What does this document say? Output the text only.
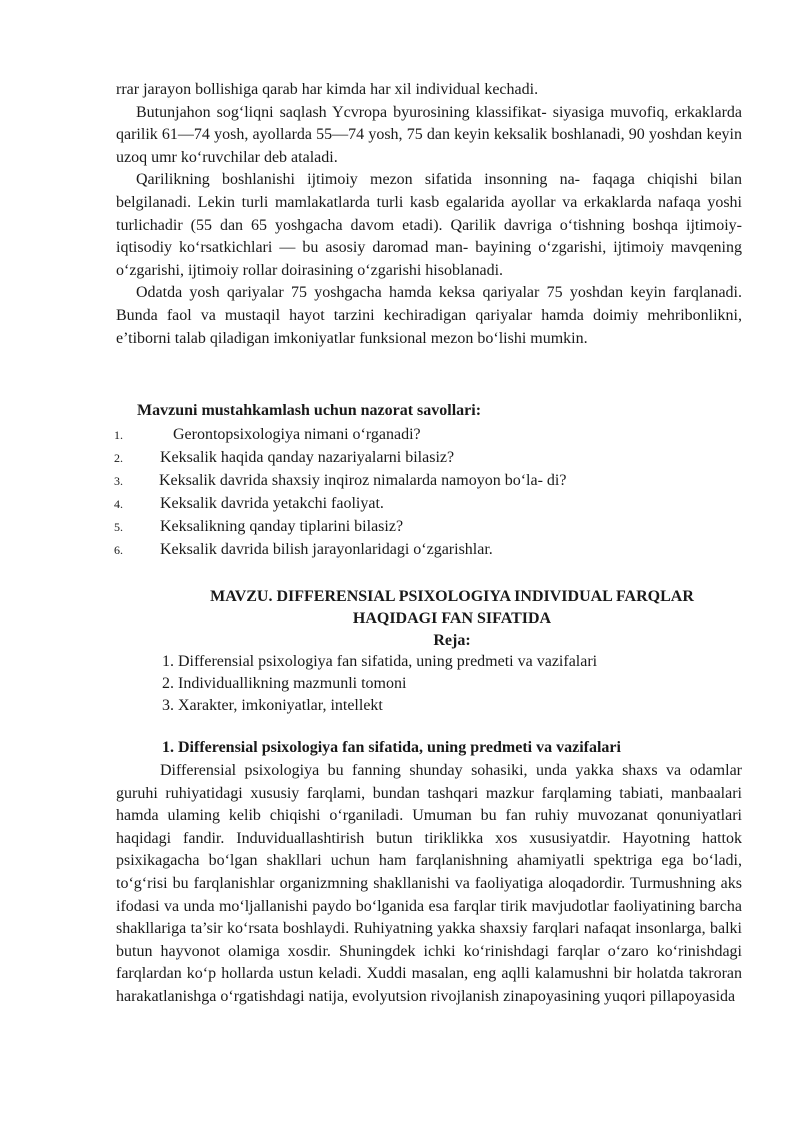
rrar jarayon bollishiga qarab har kimda har xil individual kechadi.

Butunjahon sog‘liqni saqlash Ycvropa byurosining klassifikat- siyasiga muvofiq, erkaklarda qarilik 61—74 yosh, ayollarda 55—74 yosh, 75 dan keyin keksalik boshlanadi, 90 yoshdan keyin uzoq umr ko‘ruvchilar deb ataladi.

Qarilikning boshlanishi ijtimoiy mezon sifatida insonning na- faqaga chiqishi bilan belgilanadi. Lekin turli mamlakatlarda turli kasb egalarida ayollar va erkaklarda nafaqa yoshi turlichadir (55 dan 65 yoshgacha davom etadi). Qarilik davriga o‘tishning boshqa ijtimoiy-iqtisodiy ko‘rsatkichlari — bu asosiy daromad man- bayining o‘zgarishi, ijtimoiy mavqening o‘zgarishi, ijtimoiy rollar doirasining o‘zgarishi hisoblanadi.

Odatda yosh qariyalar 75 yoshgacha hamda keksa qariyalar 75 yoshdan keyin farqlanadi. Bunda faol va mustaqil hayot tarzini kechiradigan qariyalar hamda doimiy mehribonlikni, e’tiborni talab qiladigan imkoniyatlar funksional mezon bo‘lishi mumkin.

Mavzuni mustahkamlash uchun nazorat savollari:
1.	Gerontopsixologiya nimani o‘rganadi?
2. Keksalik haqida qanday nazariyalarni bilasiz?
3. Keksalik davrida shaxsiy inqiroz nimalarda namoyon bo‘la- di?
4. Keksalik davrida yetakchi faoliyat.
5. Keksalikning qanday tiplarini bilasiz?
6. Keksalik davrida bilish jarayonlaridagi o‘zgarishlar.
MAVZU. DIFFERENSIAL PSIXOLOGIYA INDIVIDUAL FARQLAR
HAQIDAGI FAN SIFATIDA
Reja:
1. Differensial psixologiya fan sifatida, uning predmeti va vazifalari
2. Individuallikning mazmunli tomoni
3. Xarakter, imkoniyatlar, intellekt
1. Differensial psixologiya fan sifatida, uning predmeti va vazifalari

Differensial psixologiya bu fanning shunday sohasiki, unda yakka shaxs va odamlar guruhi ruhiyatidagi xususiy farqlami, bundan tashqari mazkur farqlaming tabiati, manbaalari hamda ulaming kelib chiqishi o‘rganiladi. Umuman bu fan ruhiy muvozanat qonuniyatlari haqidagi fandir. Induviduallashtirish butun tiriklikka xos xususiyatdir. Hayotning hattok psixikagacha bo‘lgan shakllari uchun ham farqlanishning ahamiyatli spektriga ega bo‘ladi, to‘g‘risi bu farqlanishlar organizmning shakllanishi va faoliyatiga aloqadordir. Turmushning aks ifodasi va unda mo‘ljallanishi paydo bo‘lganida esa farqlar tirik mavjudotlar faoliyatining barcha shakllariga ta’sir ko‘rsata boshlaydi. Ruhiyatning yakka shaxsiy farqlari nafaqat insonlarga, balki butun hayvonot olamiga xosdir. Shuningdek ichki ko‘rinishdagi farqlar o‘zaro ko‘rinishdagi farqlardan ko‘p hollarda ustun keladi. Xuddi masalan, eng aqlli kalamushni bir holatda takroran harakatlanishga o‘rgatishdagi natija, evolyutsion rivojlanish zinapoyasining yuqori pillapoyasida
